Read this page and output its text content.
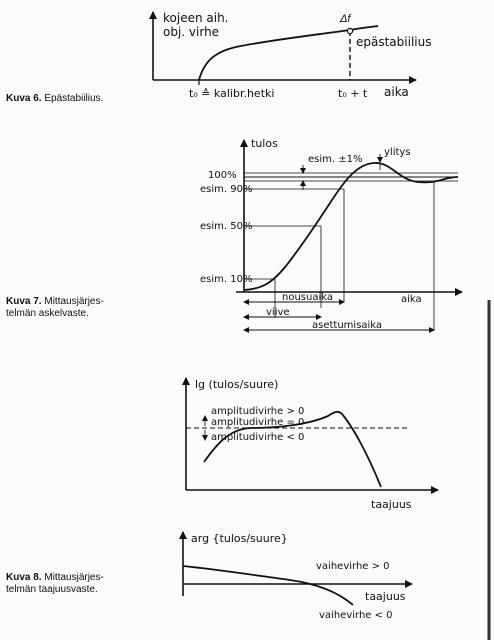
Kuva 6. Epästabiilius.
Kuva 7. Mittausjärjes-
telmän askelvaste.
Kuva 8. Mittausjärjes-
telmän taajuusvaste.
kojeen aih.
obj. virhe
Δf
epästabiilius
t₀ ≙ kalibr.hetki	t₀ + t aika
tulos
100%
esim. 90%
esim. 50%
esim. 10%
esim. ±1%
ylitys
nousuaika
viive
asettumisaika
aika
lg (tulos/suure)
amplitudivirhe > 0
amplitudivirhe = 0
amplitudivirhe < 0
taajuus
arg {tulos/suure}
vaihevirhe > 0
taajuus
vaihevirhe < 0
